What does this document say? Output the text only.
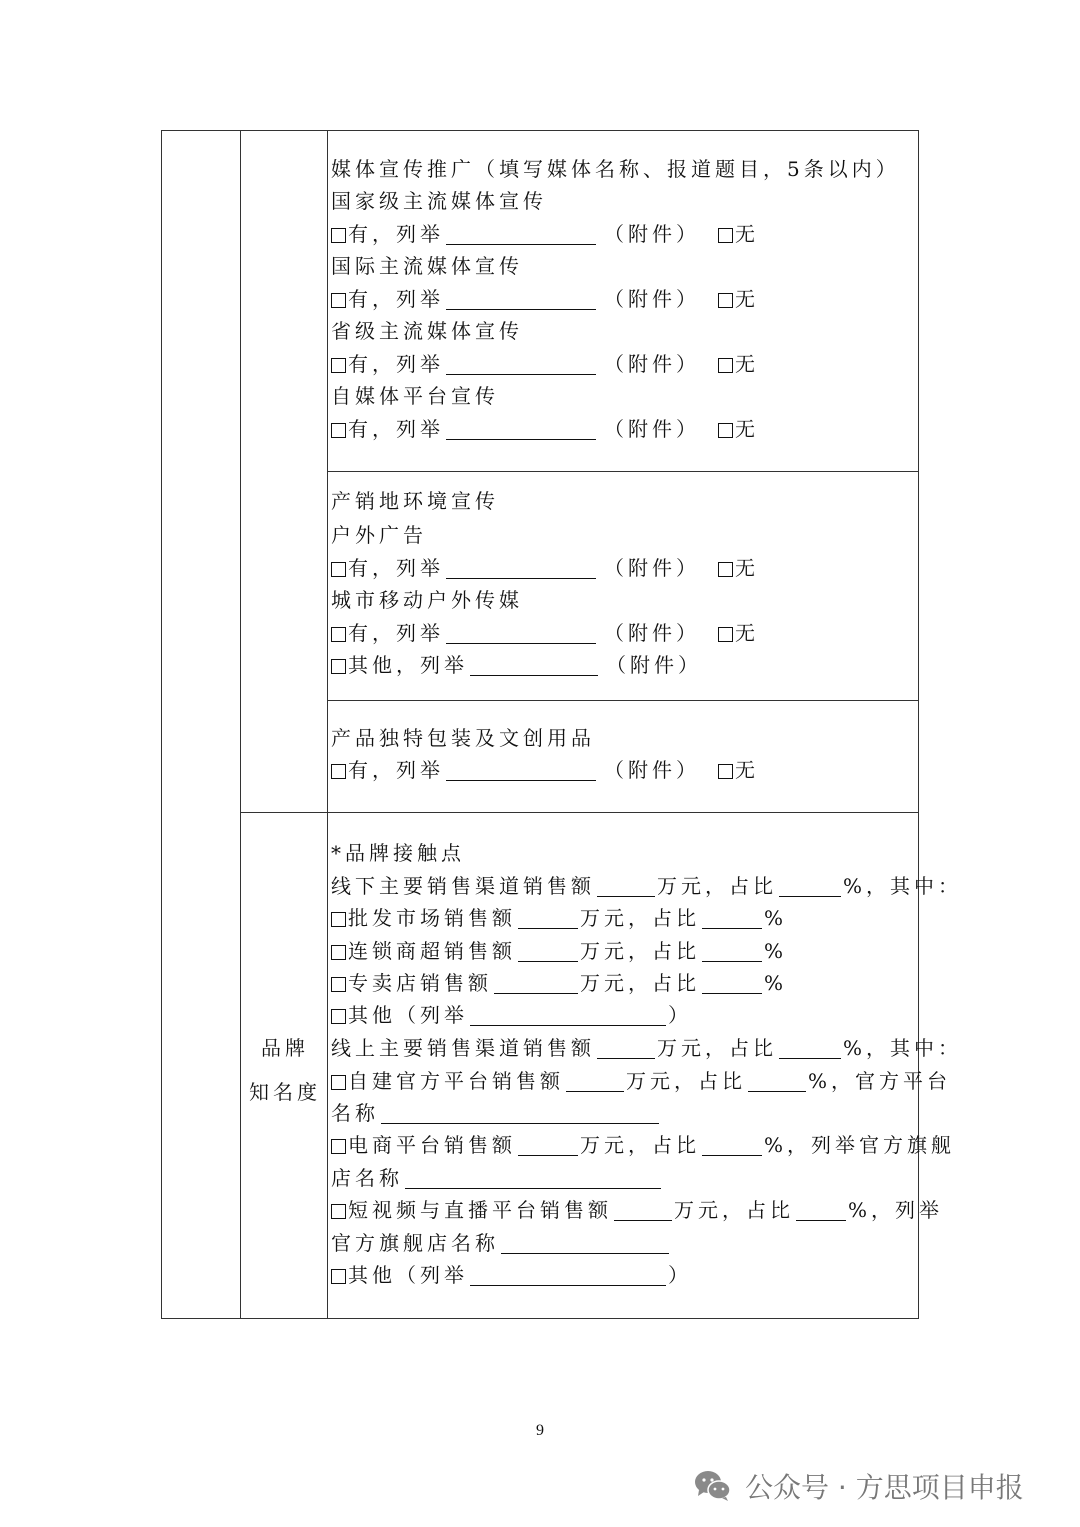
媒体宣传推广（填写媒体名称、报道题目，5条以内）
国家级主流媒体宣传
有，列举	（附件） 无
国际主流媒体宣传
有，列举	（附件） 无
省级主流媒体宣传
有，列举	（附件） 无
自媒体平台宣传
有，列举	（附件） 无
产销地环境宣传
户外广告
有，列举	（附件） 无
城市移动户外传媒
有，列举	（附件） 无
其他，列举	（附件）
产品独特包装及文创用品
有，列举	（附件） 无
品牌
知名度
*品牌接触点
线下主要销售渠道销售额	万元，占比	%，其中：
批发市场销售额	万元，占比	%
连锁商超销售额	万元，占比	%
专卖店销售额	万元，占比	%
其他（列举	）
线上主要销售渠道销售额	万元，占比	%，其中：
自建官方平台销售额	万元，占比	%，官方平台
名称
电商平台销售额	万元，占比	%，列举官方旗舰
店名称
短视频与直播平台销售额	万元，占比	%，列举
官方旗舰店名称
其他（列举	）
9
公众号 · 方思项目申报
